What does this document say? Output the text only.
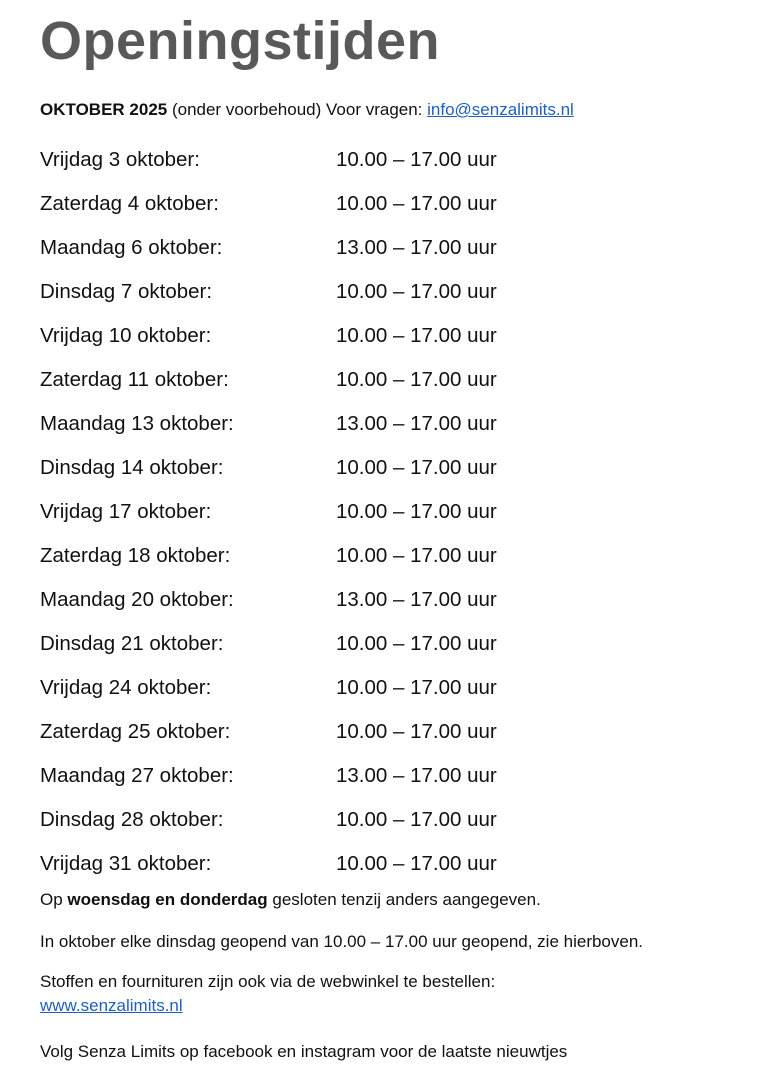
Openingstijden
OKTOBER 2025 (onder voorbehoud) Voor vragen: info@senzalimits.nl
Vrijdag 3 oktober:	10.00 – 17.00 uur
Zaterdag 4 oktober:	10.00 – 17.00 uur
Maandag 6 oktober:	13.00 – 17.00 uur
Dinsdag 7 oktober:	10.00 – 17.00 uur
Vrijdag 10 oktober:	10.00 – 17.00 uur
Zaterdag 11 oktober:	10.00 – 17.00 uur
Maandag 13 oktober:	13.00 – 17.00 uur
Dinsdag 14 oktober:	10.00 – 17.00 uur
Vrijdag 17 oktober:	10.00 – 17.00 uur
Zaterdag 18 oktober:	10.00 – 17.00 uur
Maandag 20 oktober:	13.00 – 17.00 uur
Dinsdag 21 oktober:	10.00 – 17.00 uur
Vrijdag 24 oktober:	10.00 – 17.00 uur
Zaterdag 25 oktober:	10.00 – 17.00 uur
Maandag 27 oktober:	13.00 – 17.00 uur
Dinsdag 28 oktober:	10.00 – 17.00 uur
Vrijdag 31 oktober:	10.00 – 17.00 uur
Op woensdag en donderdag gesloten tenzij anders aangegeven.
In oktober elke dinsdag geopend van 10.00 – 17.00 uur geopend, zie hierboven.
Stoffen en fournituren zijn ook via de webwinkel te bestellen:
www.senzalimits.nl
Volg Senza Limits op facebook en instagram voor de laatste nieuwtjes
